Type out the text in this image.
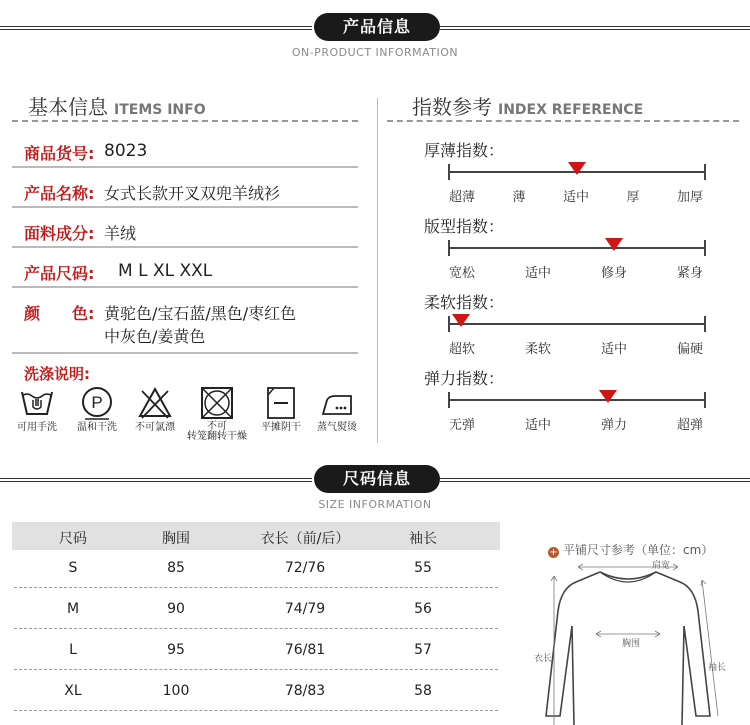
产品信息
ON-PRODUCT INFORMATION
基本信息 ITEMS INFO
商品货号: 8023
产品名称: 女式长款开叉双兜羊绒衫
面料成分: 羊绒
产品尺码: M L XL XXL
颜　　色: 黄驼色/宝石蓝/黑色/枣红色
中灰色/姜黄色
洗涤说明:
可用手洗
P
温和干洗	不可氯漂	不可
转笼翻转干燥
平摊阴干	蒸气熨烫
指数参考 INDEX REFERENCE
厚薄指数：
超薄	薄	适中	厚	加厚
版型指数：
宽松	适中	修身	紧身
柔软指数：
超软	柔软	适中	偏硬
弹力指数：
无弹	适中	弹力	超弹
尺码信息
SIZE INFORMATION
尺码	胸围	衣长（前/后）	袖长
S	85	72/76	55
M	90	74/79	56
L	95	76/81	57
XL	100	78/83	58
+ 平铺尺寸参考（单位：cm）
肩宽
胸围
衣长
袖长
